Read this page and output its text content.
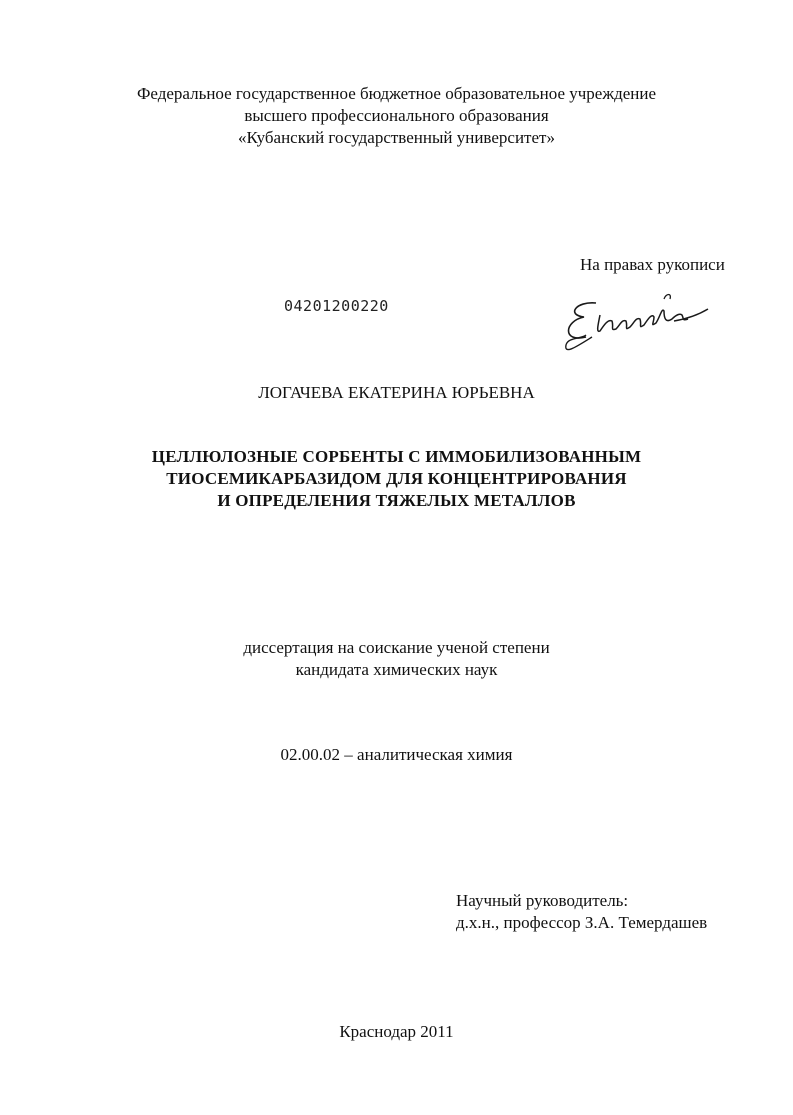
Федеральное государственное бюджетное образовательное учреждение
высшего профессионального образования
«Кубанский государственный университет»
На правах рукописи
04201200220
ЛОГАЧЕВА ЕКАТЕРИНА ЮРЬЕВНА
ЦЕЛЛЮЛОЗНЫЕ СОРБЕНТЫ С ИММОБИЛИЗОВАННЫМ
ТИОСЕМИКАРБАЗИДОМ ДЛЯ КОНЦЕНТРИРОВАНИЯ
И ОПРЕДЕЛЕНИЯ ТЯЖЕЛЫХ МЕТАЛЛОВ
диссертация на соискание ученой степени
кандидата химических наук
02.00.02 – аналитическая химия
Научный руководитель:
д.х.н., профессор З.А. Темердашев
Краснодар 2011
